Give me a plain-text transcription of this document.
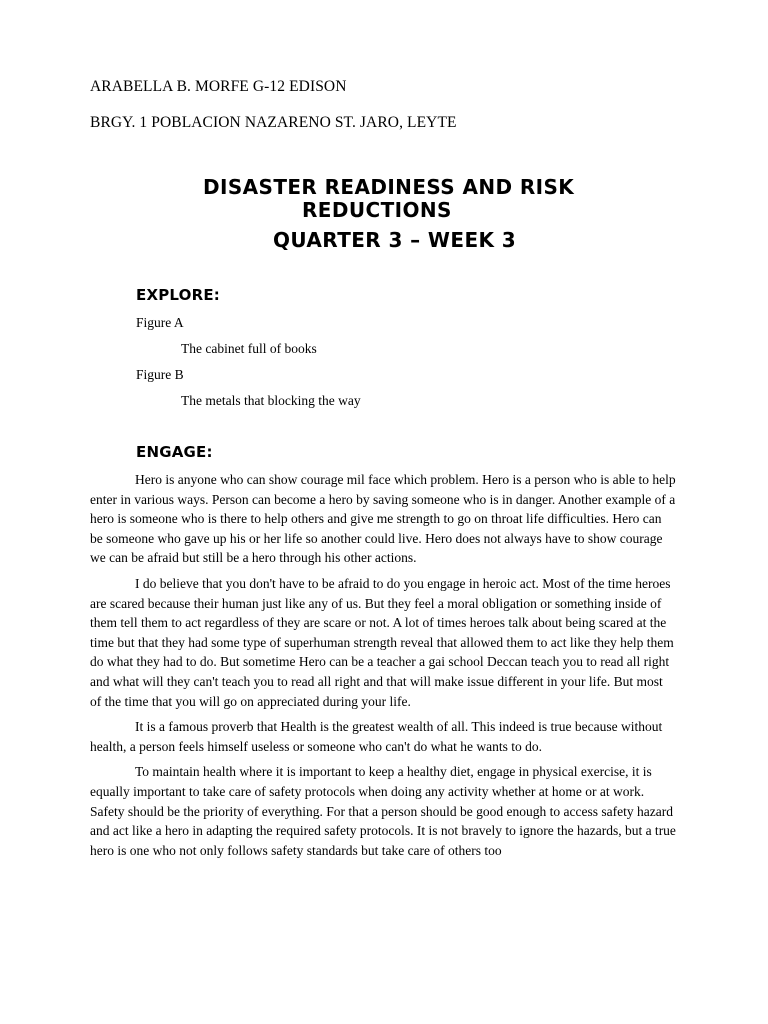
ARABELLA B. MORFE G-12 EDISON
BRGY. 1 POBLACION NAZARENO ST. JARO, LEYTE
DISASTER READINESS AND RISK
REDUCTIONS
QUARTER 3 – WEEK 3
EXPLORE:
Figure A
The cabinet full of books
Figure B
The metals that blocking the way
ENGAGE:

Hero is anyone who can show courage mil face which problem. Hero is a person who is able to help enter in various ways. Person can become a hero by saving someone who is in danger. Another example of a hero is someone who is there to help others and give me strength to go on throat life difficulties. Hero can be someone who gave up his or her life so another could live. Hero does not always have to show courage we can be afraid but still be a hero through his other actions.

I do believe that you don't have to be afraid to do you engage in heroic act. Most of the time heroes are scared because their human just like any of us. But they feel a moral obligation or something inside of them tell them to act regardless of they are scare or not. A lot of times heroes talk about being scared at the time but that they had some type of superhuman strength reveal that allowed them to act like they help them do what they had to do. But sometime Hero can be a teacher a gai school Deccan teach you to read all right and what will they can't teach you to read all right and that will make issue different in your life. But most of the time that you will go on appreciated during your life.

It is a famous proverb that Health is the greatest wealth of all. This indeed is true because without health, a person feels himself useless or someone who can't do what he wants to do.

To maintain health where it is important to keep a healthy diet, engage in physical exercise, it is equally important to take care of safety protocols when doing any activity whether at home or at work. Safety should be the priority of everything. For that a person should be good enough to access safety hazard and act like a hero in adapting the required safety protocols. It is not bravely to ignore the hazards, but a true hero is one who not only follows safety standards but take care of others too
